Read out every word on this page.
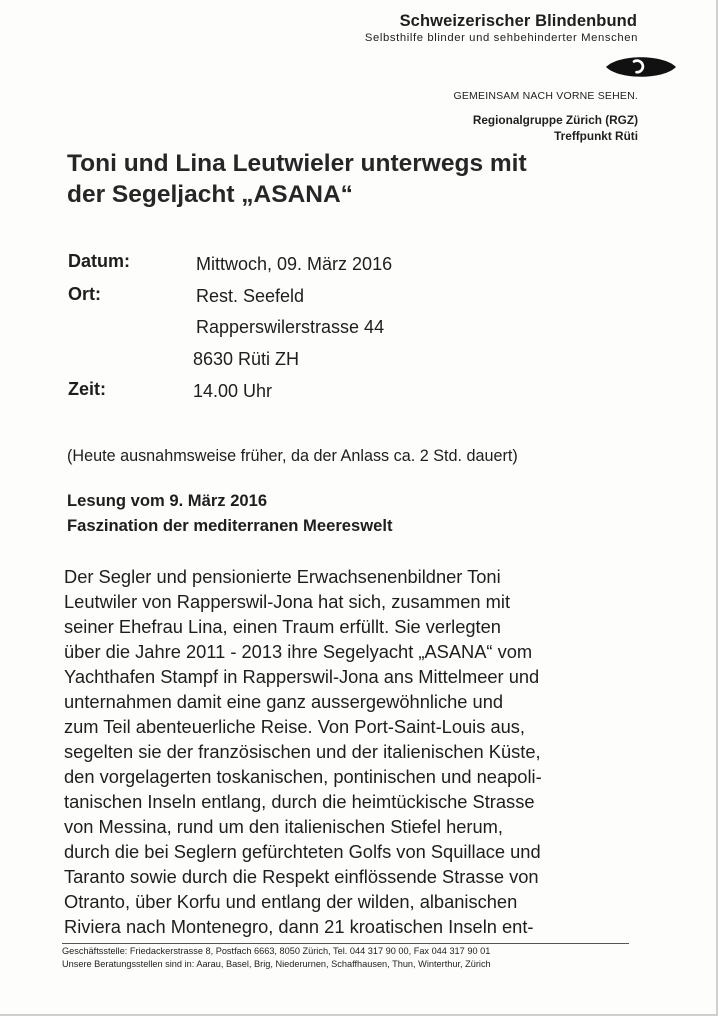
Schweizerischer Blindenbund
Selbsthilfe blinder und sehbehinderter Menschen
GEMEINSAM NACH VORNE SEHEN.
Regionalgruppe Zürich (RGZ)
Treffpunkt Rüti
Toni und Lina Leutwieler unterwegs mit
der Segeljacht „ASANA“
Datum:	Mittwoch, 09. März 2016
Ort:	Rest. Seefeld
Rapperswilerstrasse 44
8630 Rüti ZH
Zeit:	14.00 Uhr
(Heute ausnahmsweise früher, da der Anlass ca. 2 Std. dauert)
Lesung vom 9. März 2016
Faszination der mediterranen Meereswelt
Der Segler und pensionierte Erwachsenenbildner Toni
Leutwiler von Rapperswil-Jona hat sich, zusammen mit
seiner Ehefrau Lina, einen Traum erfüllt. Sie verlegten
über die Jahre 2011 - 2013 ihre Segelyacht „ASANA“ vom
Yachthafen Stampf in Rapperswil-Jona ans Mittelmeer und
unternahmen damit eine ganz aussergewöhnliche und
zum Teil abenteuerliche Reise. Von Port-Saint-Louis aus,
segelten sie der französischen und der italienischen Küste,
den vorgelagerten toskanischen, pontinischen und neapoli-
tanischen Inseln entlang, durch die heimtückische Strasse
von Messina, rund um den italienischen Stiefel herum,
durch die bei Seglern gefürchteten Golfs von Squillace und
Taranto sowie durch die Respekt einflössende Strasse von
Otranto, über Korfu und entlang der wilden, albanischen
Riviera nach Montenegro, dann 21 kroatischen Inseln ent-
Geschäftsstelle: Friedackerstrasse 8, Postfach 6663, 8050 Zürich, Tel. 044 317 90 00, Fax 044 317 90 01
Unsere Beratungsstellen sind in: Aarau, Basel, Brig, Niederurnen, Schaffhausen, Thun, Winterthur, Zürich
